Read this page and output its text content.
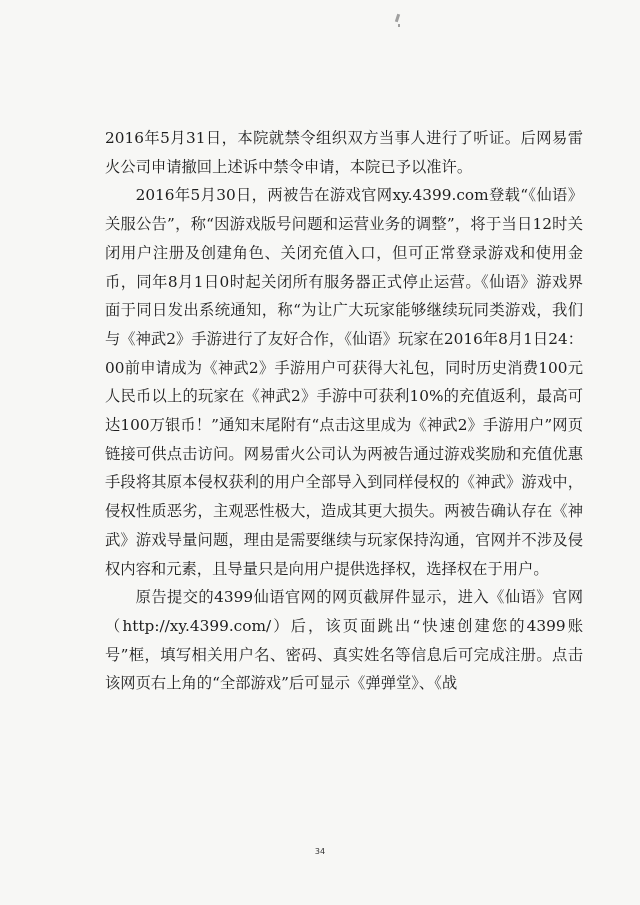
2016年5月31日，本院就禁令组织双方当事人进行了听证。后网易雷火公司申请撤回上述诉中禁令申请，本院已予以准许。

2016年5月30日，两被告在游戏官网xy.4399.com登载“《仙语》关服公告”，称“因游戏版号问题和运营业务的调整”，将于当日12时关闭用户注册及创建角色、关闭充值入口，但可正常登录游戏和使用金币，同年8月1日0时起关闭所有服务器正式停止运营。《仙语》游戏界面于同日发出系统通知，称“为让广大玩家能够继续玩同类游戏，我们与《神武2》手游进行了友好合作，《仙语》玩家在2016年8月1日24：00前申请成为《神武2》手游用户可获得大礼包，同时历史消费100元人民币以上的玩家在《神武2》手游中可获利10%的充值返利，最高可达100万银币！”通知末尾附有“点击这里成为《神武2》手游用户”网页链接可供点击访问。网易雷火公司认为两被告通过游戏奖励和充值优惠手段将其原本侵权获利的用户全部导入到同样侵权的《神武》游戏中，侵权性质恶劣，主观恶性极大，造成其更大损失。两被告确认存在《神武》游戏导量问题，理由是需要继续与玩家保持沟通，官网并不涉及侵权内容和元素，且导量只是向用户提供选择权，选择权在于用户。

原告提交的4399仙语官网的网页截屏件显示，进入《仙语》官网（http://xy.4399.com/）后，该页面跳出“快速创建您的4399账号”框，填写相关用户名、密码、真实姓名等信息后可完成注册。点击该网页右上角的“全部游戏”后可显示《弹弹堂》、《战

34
